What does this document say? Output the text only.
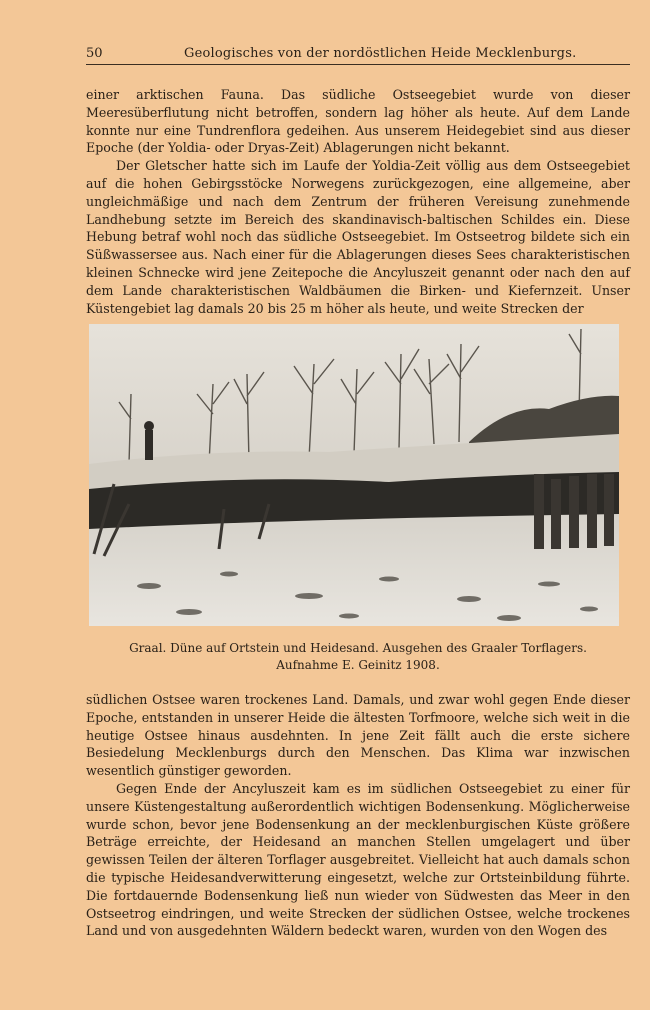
50	Geologisches von der nordöstlichen Heide Mecklenburgs.

einer arktischen Fauna. Das südliche Ostseegebiet wurde von dieser Meeresüberflutung nicht betroffen, sondern lag höher als heute. Auf dem Lande konnte nur eine Tundrenflora gedeihen. Aus unserem Heidegebiet sind aus dieser Epoche (der Yoldia- oder Dryas-Zeit) Ablagerungen nicht bekannt.

Der Gletscher hatte sich im Laufe der Yoldia-Zeit völlig aus dem Ostseegebiet auf die hohen Gebirgsstöcke Norwegens zurückgezogen, eine allgemeine, aber ungleichmäßige und nach dem Zentrum der früheren Vereisung zunehmende Landhebung setzte im Bereich des skandinavisch-baltischen Schildes ein. Diese Hebung betraf wohl noch das südliche Ostseegebiet. Im Ostseetrog bildete sich ein Süßwassersee aus. Nach einer für die Ablagerungen dieses Sees charakteristischen kleinen Schnecke wird jene Zeitepoche die Ancyluszeit genannt oder nach den auf dem Lande charakteristischen Waldbäumen die Birken- und Kiefernzeit. Unser Küstengebiet lag damals 20 bis 25 m höher als heute, und weite Strecken der

Graal. Düne auf Ortstein und Heidesand. Ausgehen des Graaler Torflagers.
Aufnahme E. Geinitz 1908.

südlichen Ostsee waren trockenes Land. Damals, und zwar wohl gegen Ende dieser Epoche, entstanden in unserer Heide die ältesten Torfmoore, welche sich weit in die heutige Ostsee hinaus ausdehnten. In jene Zeit fällt auch die erste sichere Besiedelung Mecklenburgs durch den Menschen. Das Klima war inzwischen wesentlich günstiger geworden.

Gegen Ende der Ancyluszeit kam es im südlichen Ostseegebiet zu einer für unsere Küstengestaltung außerordentlich wichtigen Bodensenkung. Möglicherweise wurde schon, bevor jene Bodensenkung an der mecklenburgischen Küste größere Beträge erreichte, der Heidesand an manchen Stellen umgelagert und über gewissen Teilen der älteren Torflager ausgebreitet. Vielleicht hat auch damals schon die typische Heidesandverwitterung eingesetzt, welche zur Ortsteinbildung führte. Die fortdauernde Bodensenkung ließ nun wieder von Südwesten das Meer in den Ostseetrog eindringen, und weite Strecken der südlichen Ostsee, welche trockenes Land und von ausgedehnten Wäldern bedeckt waren, wurden von den Wogen des
